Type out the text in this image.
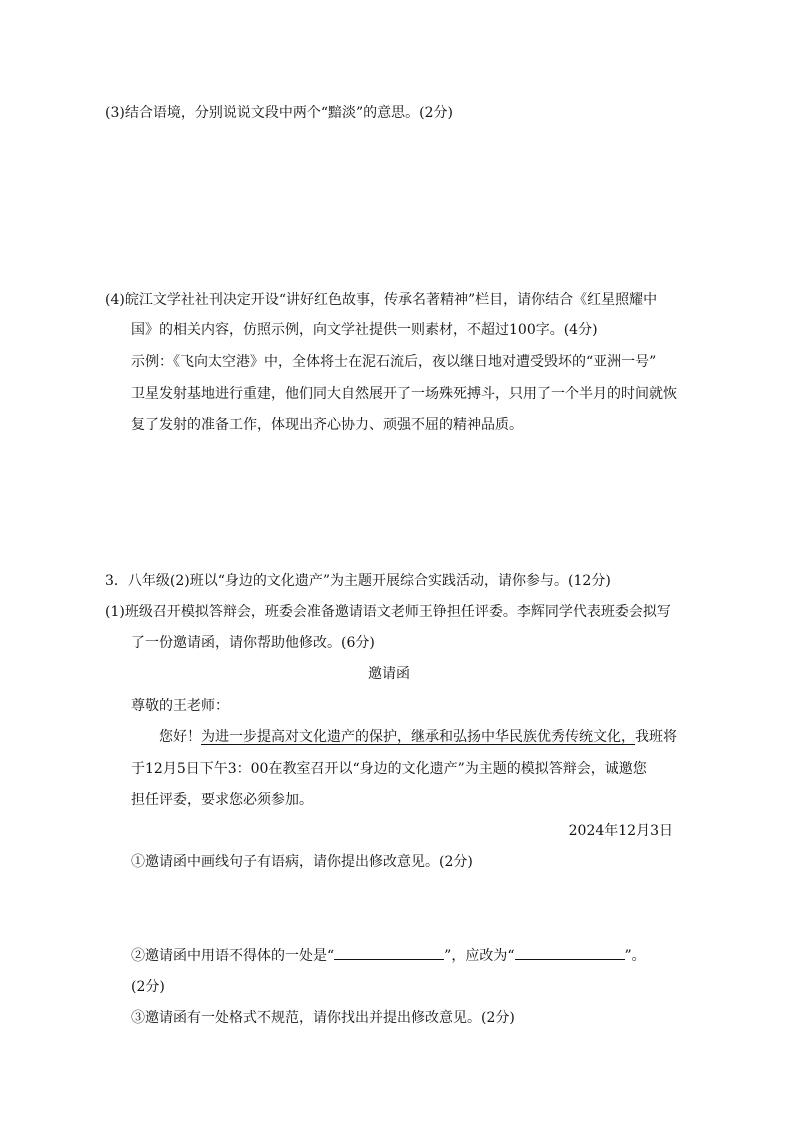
(3)结合语境，分别说说文段中两个“黯淡”的意思。(2分)
(4)皖江文学社社刊决定开设“讲好红色故事，传承名著精神”栏目，请你结合《红星照耀中
国》的相关内容，仿照示例，向文学社提供一则素材，不超过100字。(4分)
示例：《飞向太空港》中，全体将士在泥石流后，夜以继日地对遭受毁坏的“亚洲一号”
卫星发射基地进行重建，他们同大自然展开了一场殊死搏斗，只用了一个半月的时间就恢
复了发射的准备工作，体现出齐心协力、顽强不屈的精神品质。
3．八年级(2)班以“身边的文化遗产”为主题开展综合实践活动，请你参与。(12分)
(1)班级召开模拟答辩会，班委会准备邀请语文老师王铮担任评委。李辉同学代表班委会拟写
了一份邀请函，请你帮助他修改。(6分)
邀请函
尊敬的王老师：
您好！为进一步提高对文化遗产的保护，继承和弘扬中华民族优秀传统文化，我班将
于12月5日下午3：00在教室召开以“身边的文化遗产”为主题的模拟答辩会，诚邀您
担任评委，要求您必须参加。
2024年12月3日
①邀请函中画线句子有语病，请你提出修改意见。(2分)
②邀请函中用语不得体的一处是“	”，应改为“	”。
(2分)
③邀请函有一处格式不规范，请你找出并提出修改意见。(2分)
